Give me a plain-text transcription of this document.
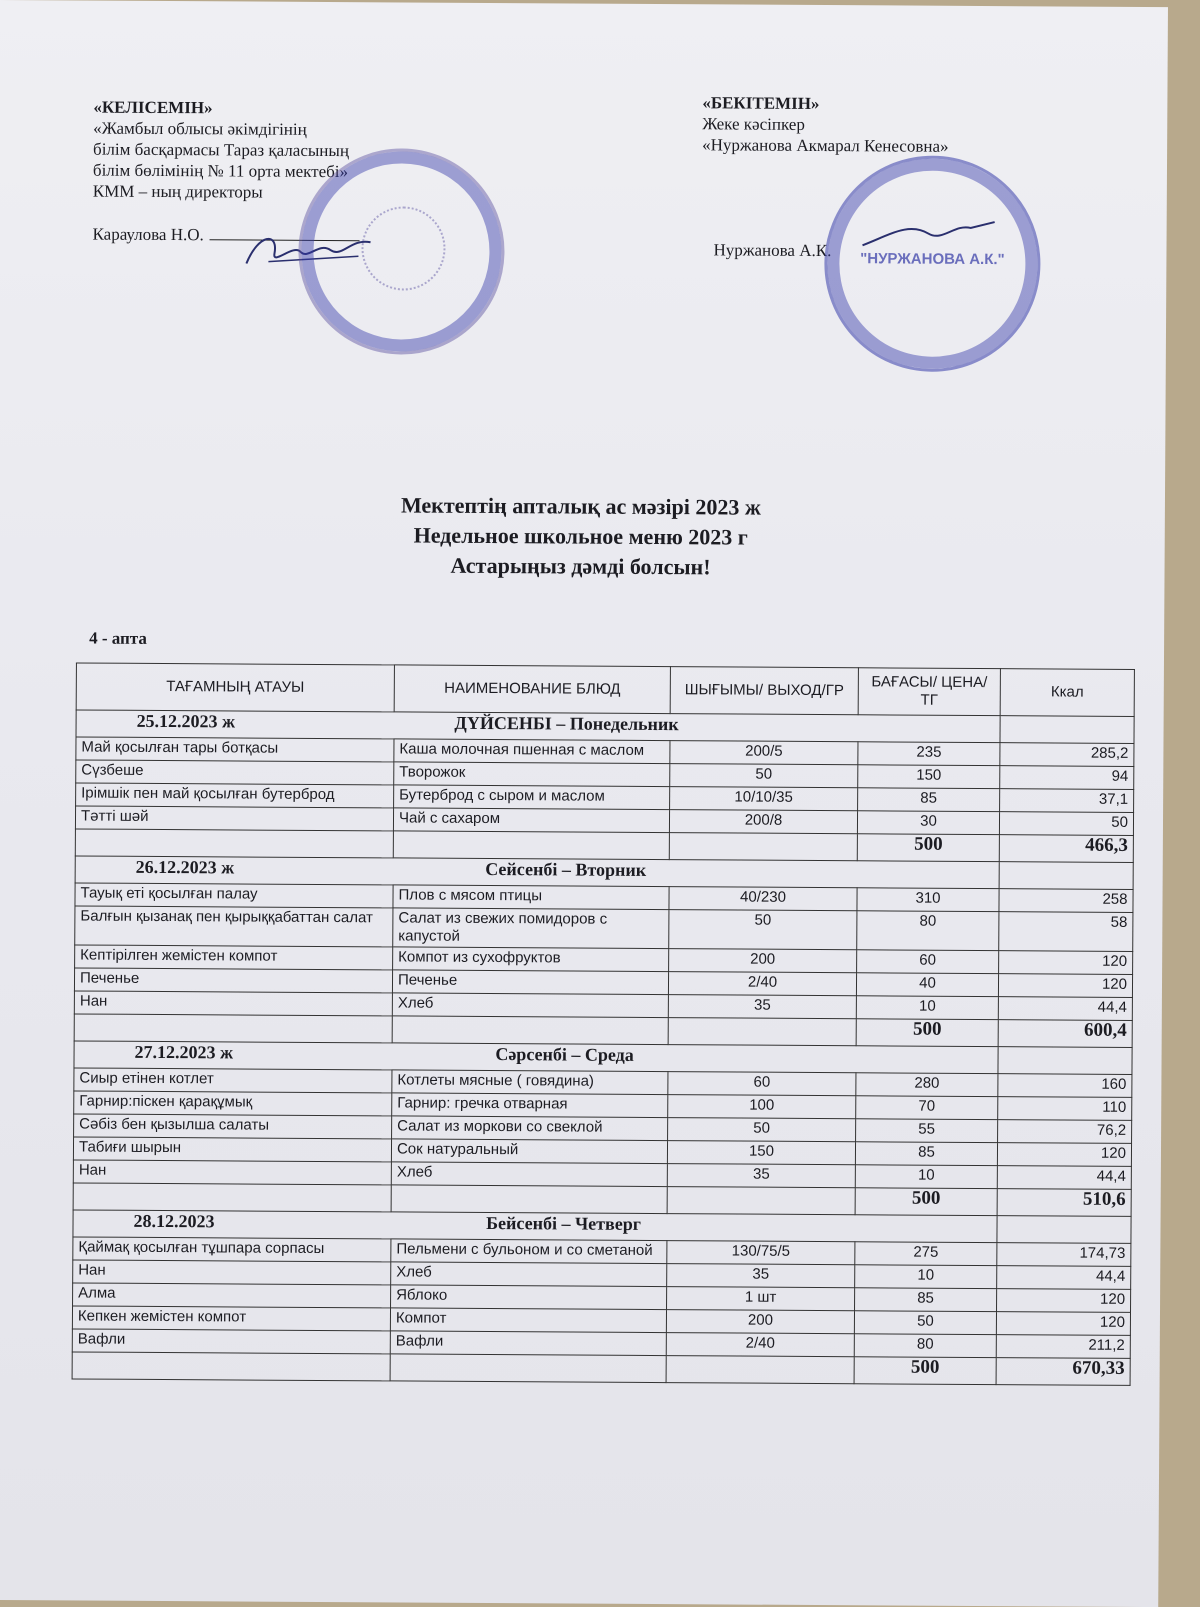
«КЕЛІСЕМІН»
«Жамбыл облысы әкімдігінің
білім басқармасы Тараз қаласының
білім бөлімінің № 11 орта мектебі»
КММ – ның директоры
Караулова Н.О.
«БЕКІТЕМІН»
Жеке кәсіпкер
«Нуржанова Акмарал Кенесовна»
Нуржанова А.К.	"НУРЖАНОВА А.К."
Мектептің апталық ас мәзірі 2023 ж
Недельное школьное меню 2023 г
Астарыңыз дәмді болсын!
4 - апта
ТАҒАМНЫҢ АТАУЫ	НАИМЕНОВАНИЕ БЛЮД	ШЫҒЫМЫ/ ВЫХОД/ГР	БАҒАСЫ/ ЦЕНА/ТГ	Ккал
25.12.2023 ж ДҮЙСЕНБІ – Понедельник				
Май қосылған тары ботқасы	Каша молочная пшенная с маслом	200/5	235	285,2
Сүзбеше	Творожок	50	150	94
Ірімшік пен май қосылған бутерброд	Бутерброд с сыром и маслом	10/10/35	85	37,1
Тәтті шәй	Чай с сахаром	200/8	30	50
			500	466,3
26.12.2023 ж Сейсенбі – Вторник				
Тауық еті қосылған палау	Плов с мясом птицы	40/230	310	258
Балғын қызанақ пен қырыққабаттан салат	Салат из свежих помидоров с капустой	50	80	58
Кептірілген жемістен компот	Компот из сухофруктов	200	60	120
Печенье	Печенье	2/40	40	120
Нан	Хлеб	35	10	44,4
			500	600,4
27.12.2023 ж Сәрсенбі – Среда				
Сиыр етінен котлет	Котлеты мясные ( говядина)	60	280	160
Гарнир:піскен қарақұмық	Гарнир: гречка отварная	100	70	110
Сәбіз бен қызылша салаты	Салат из моркови со свеклой	50	55	76,2
Табиғи шырын	Сок натуральный	150	85	120
Нан	Хлеб	35	10	44,4
			500	510,6
28.12.2023 Бейсенбі – Четверг				
Қаймақ қосылған тұшпара сорпасы	Пельмени с бульоном и со сметаной	130/75/5	275	174,73
Нан	Хлеб	35	10	44,4
Алма	Яблоко	1 шт	85	120
Кепкен жемістен компот	Компот	200	50	120
Вафли	Вафли	2/40	80	211,2
			500	670,33
